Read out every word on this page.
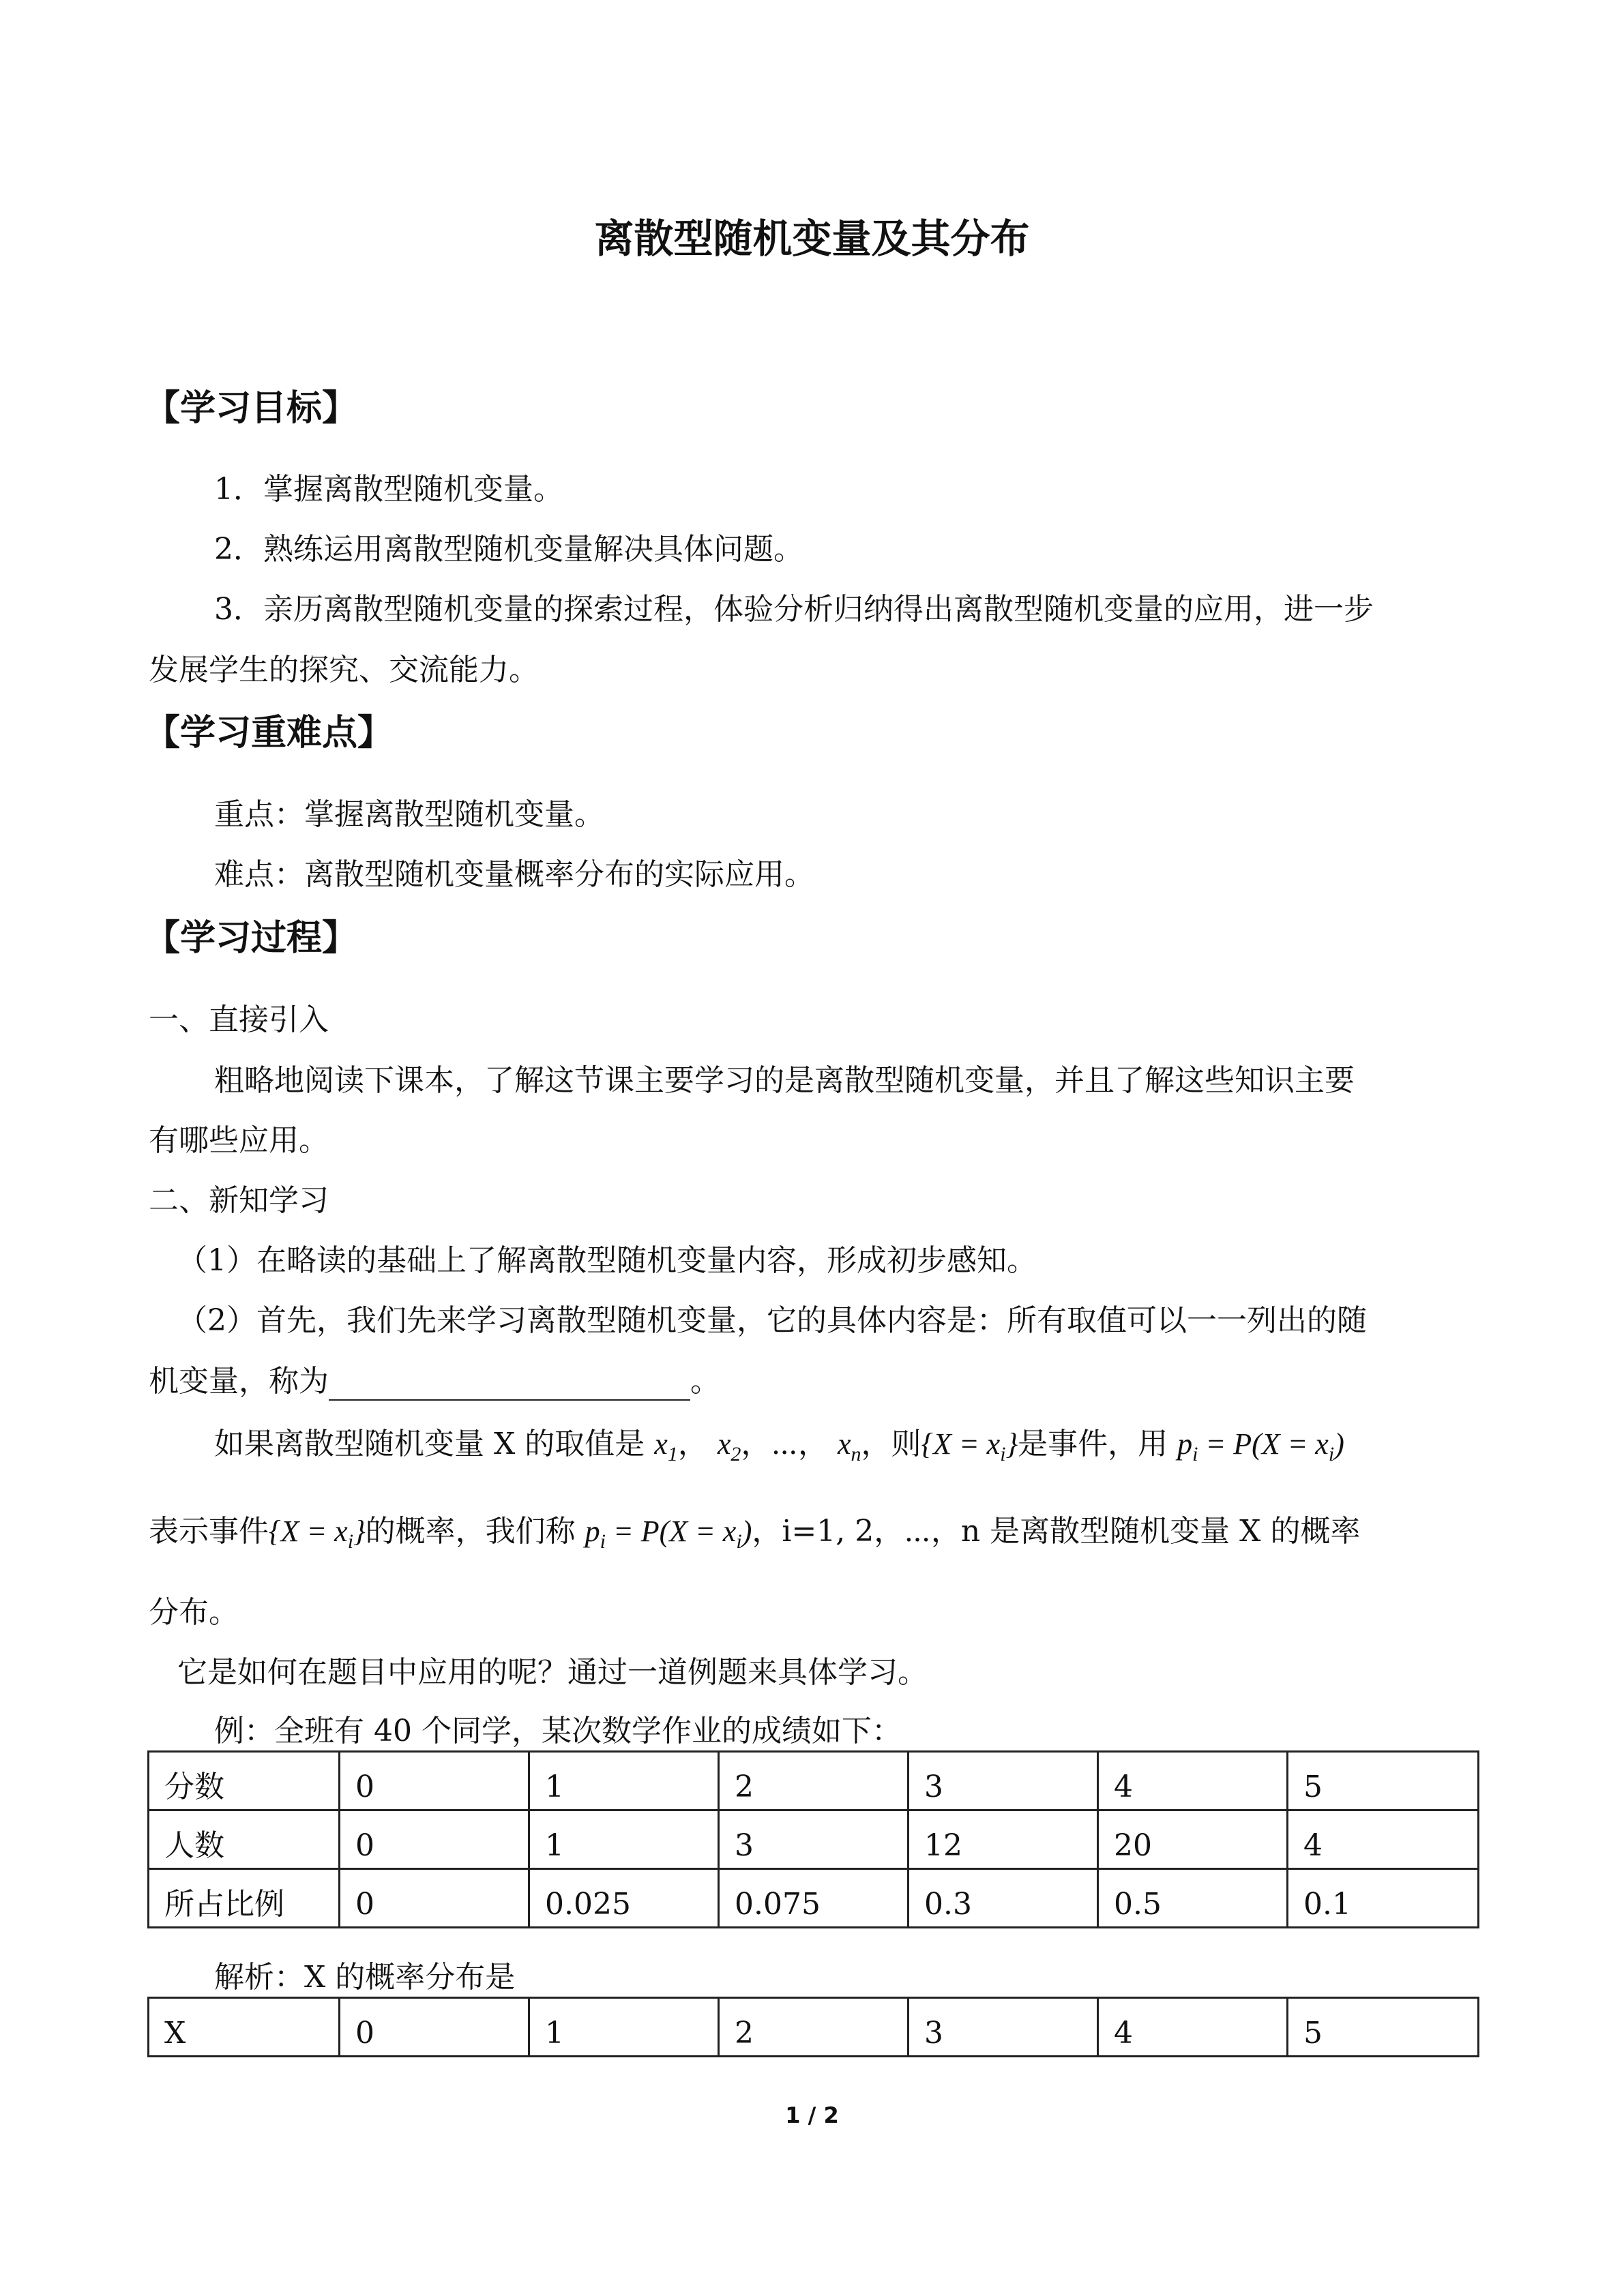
离散型随机变量及其分布
【学习目标】
1．掌握离散型随机变量。
2．熟练运用离散型随机变量解决具体问题。
3．亲历离散型随机变量的探索过程，体验分析归纳得出离散型随机变量的应用，进一步
发展学生的探究、交流能力。
【学习重难点】
重点：掌握离散型随机变量。
难点：离散型随机变量概率分布的实际应用。
【学习过程】
一、直接引入
粗略地阅读下课本，了解这节课主要学习的是离散型随机变量，并且了解这些知识主要
有哪些应用。
二、新知学习
（1）在略读的基础上了解离散型随机变量内容，形成初步感知。
（2）首先，我们先来学习离散型随机变量，它的具体内容是：所有取值可以一一列出的随
机变量，称为	。
如果离散型随机变量 X 的取值是 $x_1$， $x_2$，⋯， $x_n$，则$\{X = x_i\}$是事件，用 $p_i = P(X = x_i)$
表示事件$\{X = x_i\}$的概率，我们称 $p_i = P(X = x_i)$，i=1, 2，⋯，n 是离散型随机变量 X 的概率
分布。
它是如何在题目中应用的呢？通过一道例题来具体学习。
例：全班有 40 个同学，某次数学作业的成绩如下：
分数	0	1	2	3	4	5
人数	0	1	3	12	20	4
所占比例	0	0.025	0.075	0.3	0.5	0.1
解析：X 的概率分布是
X	0	1	2	3	4	5
1 / 2
